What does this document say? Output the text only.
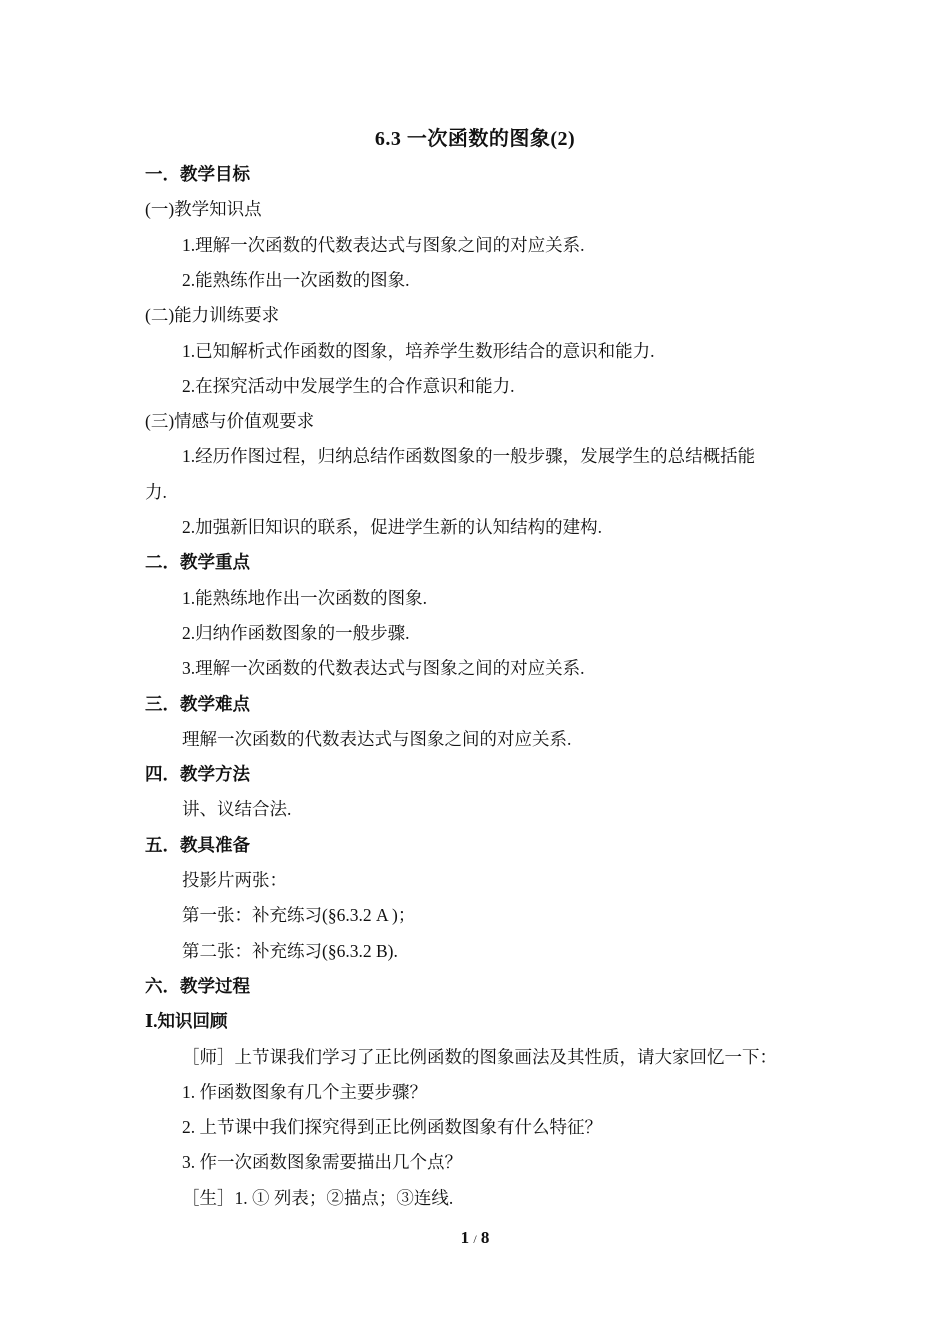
6.3 一次函数的图象(2)
一．教学目标
(一)教学知识点
1.理解一次函数的代数表达式与图象之间的对应关系.
2.能熟练作出一次函数的图象.
(二)能力训练要求
1.已知解析式作函数的图象，培养学生数形结合的意识和能力.
2.在探究活动中发展学生的合作意识和能力.
(三)情感与价值观要求
1.经历作图过程，归纳总结作函数图象的一般步骤，发展学生的总结概括能
力.
2.加强新旧知识的联系，促进学生新的认知结构的建构.
二．教学重点
1.能熟练地作出一次函数的图象.
2.归纳作函数图象的一般步骤.
3.理解一次函数的代数表达式与图象之间的对应关系.
三．教学难点
理解一次函数的代数表达式与图象之间的对应关系.
四．教学方法
讲、议结合法.
五．教具准备
投影片两张：
第一张：补充练习(§6.3.2 A )；
第二张：补充练习(§6.3.2 B).
六．教学过程
Ⅰ.知识回顾
［师］上节课我们学习了正比例函数的图象画法及其性质，请大家回忆一下：
1. 作函数图象有几个主要步骤？
2. 上节课中我们探究得到正比例函数图象有什么特征？
3. 作一次函数图象需要描出几个点？
［生］1. ① 列表；②描点；③连线.
1 / 8
